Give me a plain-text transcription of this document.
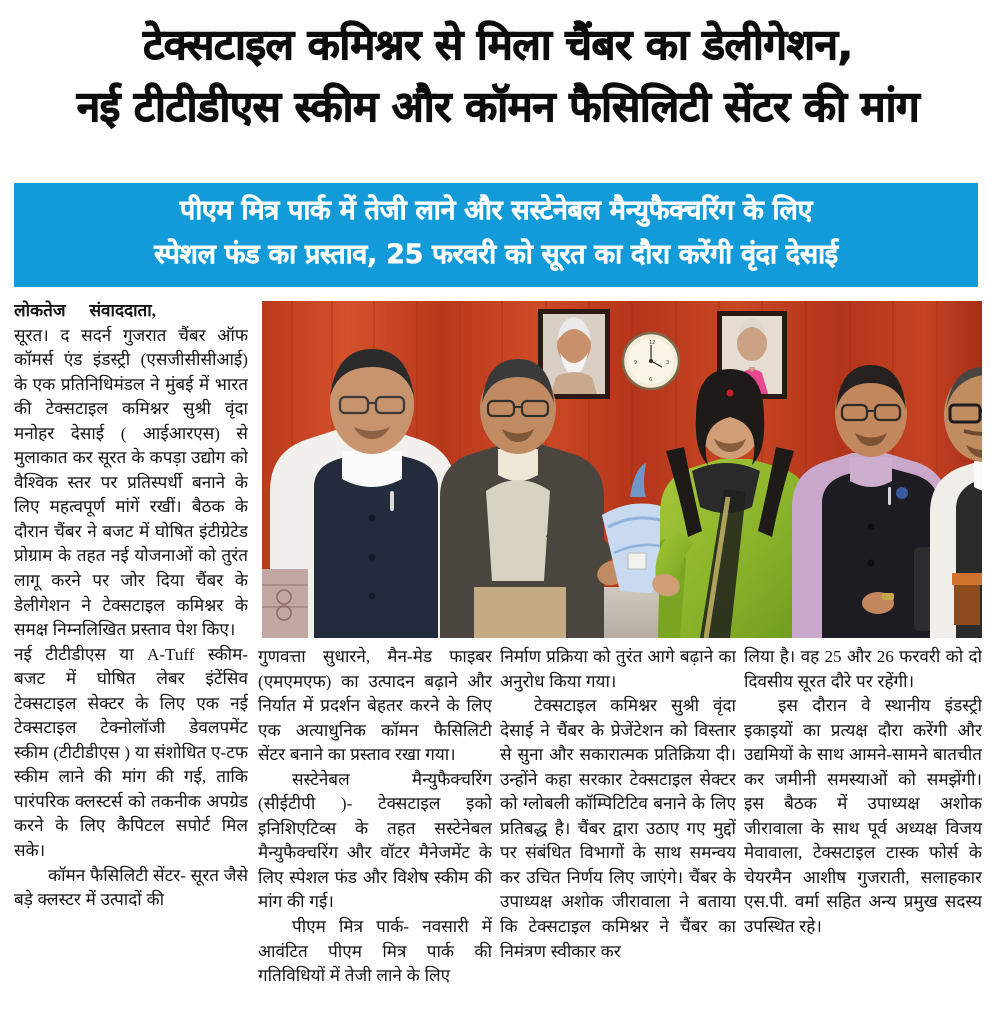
टेक्सटाइल कमिश्नर से मिला चैंबर का डेलीगेशन,
नई टीटीडीएस स्कीम और कॉमन फैसिलिटी सेंटर की मांग
पीएम मित्र पार्क में तेजी लाने और सस्टेनेबल मैन्युफैक्चरिंग के लिए
स्पेशल फंड का प्रस्ताव, 25 फरवरी को सूरत का दौरा करेंगी वृंदा देसाई
12
3
6
9

लोकतेज संवाददाता,

सूरत। द सदर्न गुजरात चैंबर ऑफ कॉमर्स एंड इंडस्ट्री (एसजीसीसीआई) के एक प्रतिनिधिमंडल ने मुंबई में भारत की टेक्सटाइल कमिश्नर सुश्री वृंदा मनोहर देसाई ( आईआरएस) से मुलाकात कर सूरत के कपड़ा उद्योग को वैश्विक स्तर पर प्रतिस्पर्धी बनाने के लिए महत्वपूर्ण मांगें रखीं। बैठक के दौरान चैंबर ने बजट में घोषित इंटीग्रेटेड प्रोग्राम के तहत नई योजनाओं को तुरंत लागू करने पर जोर दिया चैंबर के डेलीगेशन ने टेक्सटाइल कमिश्नर के समक्ष निम्नलिखित प्रस्ताव पेश किए।

नई टीटीडीएस या A-Tuff स्कीम- बजट में घोषित लेबर इंटेंसिव टेक्सटाइल सेक्टर के लिए एक नई टेक्सटाइल टेक्नोलॉजी डेवलपमेंट स्कीम (टीटीडीएस ) या संशोधित ए-टफ स्कीम लाने की मांग की गई, ताकि पारंपरिक क्लस्टर्स को तकनीक अपग्रेड करने के लिए कैपिटल सपोर्ट मिल सके।

कॉमन फैसिलिटी सेंटर- सूरत जैसे बड़े क्लस्टर में उत्पादों की

गुणवत्ता सुधारने, मैन-मेड फाइबर (एमएमएफ) का उत्पादन बढ़ाने और निर्यात में प्रदर्शन बेहतर करने के लिए एक अत्याधुनिक कॉमन फैसिलिटी सेंटर बनाने का प्रस्ताव रखा गया।

सस्टेनेबल मैन्युफैक्चरिंग (सीईटीपी )- टेक्सटाइल इको इनिशिएटिव्स के तहत सस्टेनेबल मैन्युफैक्चरिंग और वॉटर मैनेजमेंट के लिए स्पेशल फंड और विशेष स्कीम की मांग की गई।

पीएम मित्र पार्क- नवसारी में आवंटित पीएम मित्र पार्क की गतिविधियों में तेजी लाने के लिए

निर्माण प्रक्रिया को तुरंत आगे बढ़ाने का अनुरोध किया गया।

टेक्सटाइल कमिश्नर सुश्री वृंदा देसाई ने चैंबर के प्रेजेंटेशन को विस्तार से सुना और सकारात्मक प्रतिक्रिया दी। उन्होंने कहा सरकार टेक्सटाइल सेक्टर को ग्लोबली कॉम्पिटिटिव बनाने के लिए प्रतिबद्ध है। चैंबर द्वारा उठाए गए मुद्दों पर संबंधित विभागों के साथ समन्वय कर उचित निर्णय लिए जाएंगे। चैंबर के उपाध्यक्ष अशोक जीरावाला ने बताया कि टेक्सटाइल कमिश्नर ने चैंबर का निमंत्रण स्वीकार कर

लिया है। वह 25 और 26 फरवरी को दो दिवसीय सूरत दौरे पर रहेंगी।

इस दौरान वे स्थानीय इंडस्ट्री इकाइयों का प्रत्यक्ष दौरा करेंगी और उद्यमियों के साथ आमने-सामने बातचीत कर जमीनी समस्याओं को समझेंगी। इस बैठक में उपाध्यक्ष अशोक जीरावाला के साथ पूर्व अध्यक्ष विजय मेवावाला, टेक्सटाइल टास्क फोर्स के चेयरमैन आशीष गुजराती, सलाहकार एस.पी. वर्मा सहित अन्य प्रमुख सदस्य उपस्थित रहे।
